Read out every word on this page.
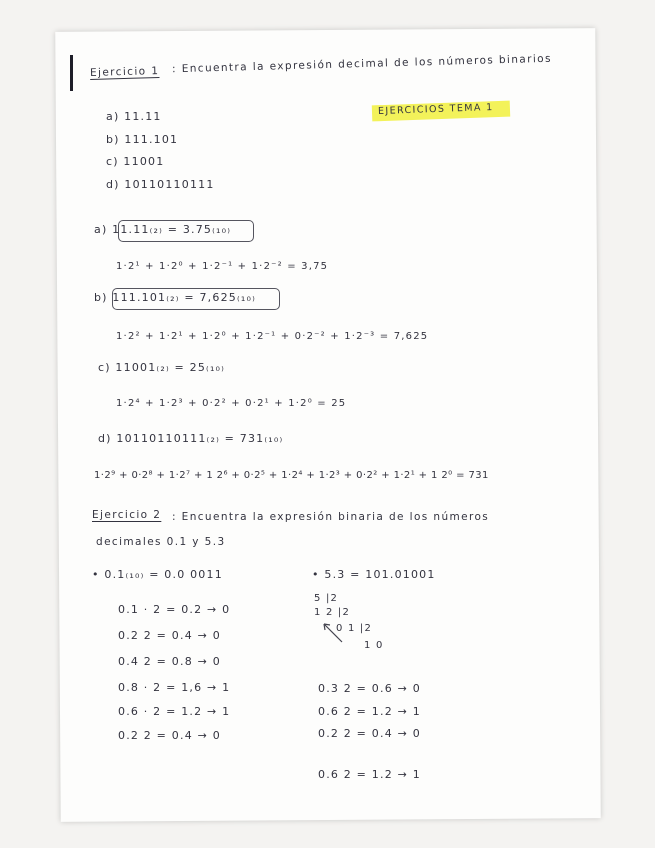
Ejercicio 1 : Encuentra la expresión decimal de los números binarios
EJERCICIOS TEMA 1
a) 11.11
b) 111.101
c) 11001
d) 10110110111
a) 11.11₍₂₎ = 3.75₍₁₀₎
1·2¹ + 1·2⁰ + 1·2⁻¹ + 1·2⁻² = 3,75
b) 111.101₍₂₎ = 7,625₍₁₀₎
1·2² + 1·2¹ + 1·2⁰ + 1·2⁻¹ + 0·2⁻² + 1·2⁻³ = 7,625
c) 11001₍₂₎ = 25₍₁₀₎
1·2⁴ + 1·2³ + 0·2² + 0·2¹ + 1·2⁰ = 25
d) 10110110111₍₂₎ = 731₍₁₀₎
1·2⁹ + 0·2⁸ + 1·2⁷ + 1 2⁶ + 0·2⁵ + 1·2⁴ + 1·2³ + 0·2² + 1·2¹ + 1 2⁰ = 731
Ejercicio 2 : Encuentra la expresión binaria de los números
decimales 0.1 y 5.3
• 0.1₍₁₀₎ = 0.0 0011
0.1 · 2 = 0.2 → 0
0.2 2 = 0.4 → 0
0.4 2 = 0.8 → 0
0.8 · 2 = 1,6 → 1
0.6 · 2 = 1.2 → 1
0.2 2 = 0.4 → 0
• 5.3 = 101.01001
5 |2
1 2 |2
0 1 |2
1 0
0.3 2 = 0.6 → 0
0.6 2 = 1.2 → 1
0.2 2 = 0.4 → 0
0.6 2 = 1.2 → 1
